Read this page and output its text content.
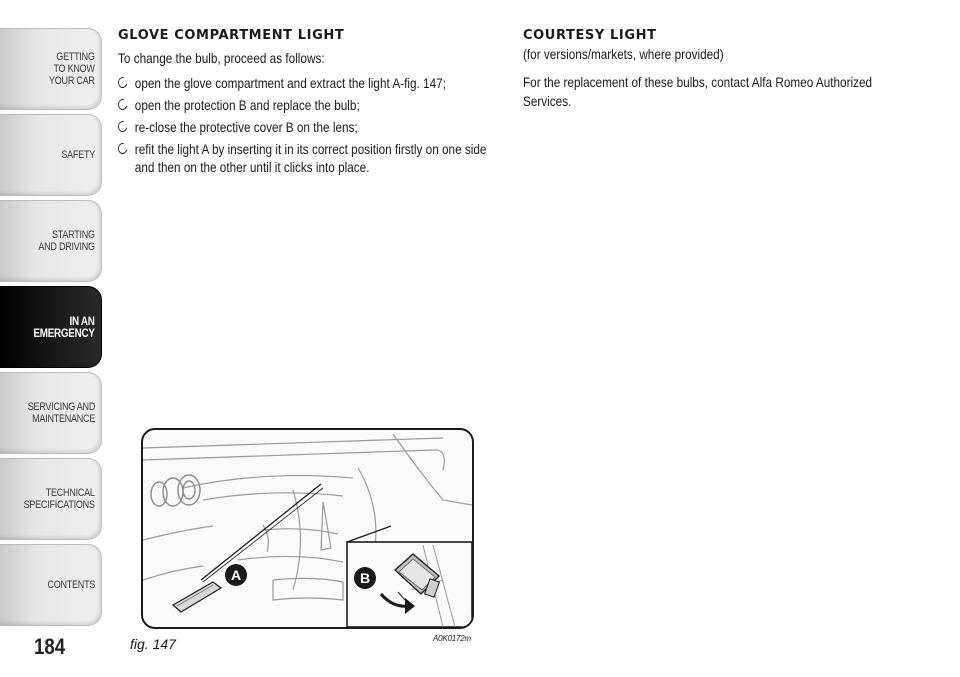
GETTING
TO KNOW
YOUR CAR
SAFETY
STARTING
AND DRIVING
IN AN
EMERGENCY
SERVICING AND
MAINTENANCE
TECHNICAL
SPECIFICATIONS
CONTENTS
184
GLOVE COMPARTMENT LIGHT

To change the bulb, proceed as follows:

open the glove compartment and extract the light A-fig. 147;
open the protection B and replace the bulb;
re-close the protective cover B on the lens;
refit the light A by inserting it in its correct position firstly on one side and then on the other until it clicks into place.
COURTESY LIGHT

(for versions/markets, where provided)

For the replacement of these bulbs, contact Alfa Romeo Authorized Services.

A	B
fig. 147	A0K0172m
